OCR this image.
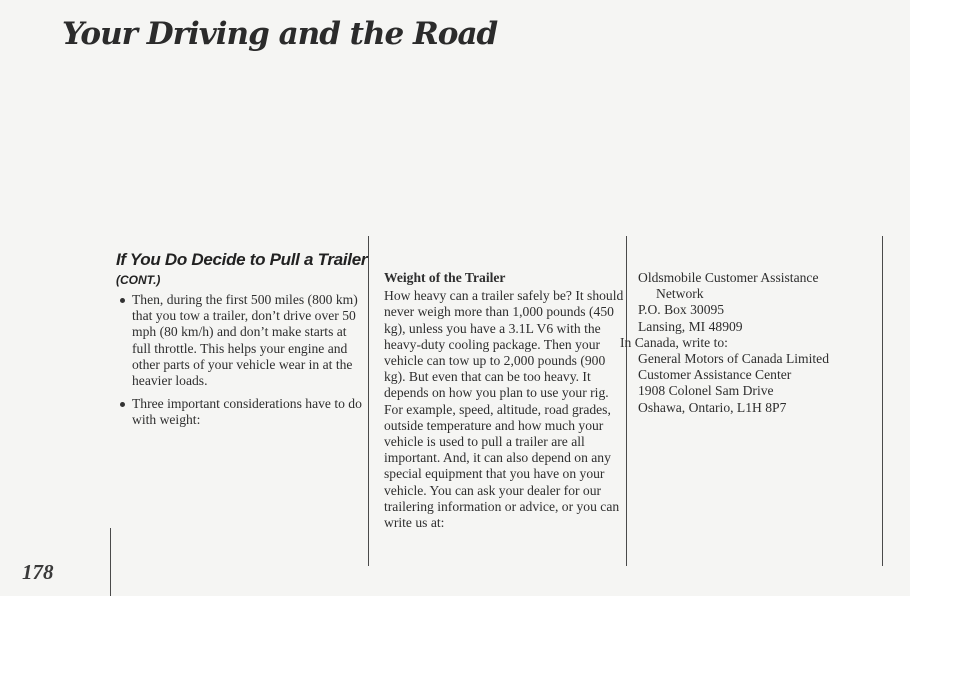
Your Driving and the Road
178
If You Do Decide to Pull a Trailer
(CONT.)

Then, during the first 500 miles (800 km) that you tow a trailer, don’t drive over 50 mph (80 km/h) and don’t make starts at full throttle. This helps your engine and other parts of your vehicle wear in at the heavier loads.

Three important considerations have to do with weight:

Weight of the Trailer

How heavy can a trailer safely be? It should never weigh more than 1,000 pounds (450 kg), unless you have a 3.1L V6 with the heavy-duty cooling package. Then your vehicle can tow up to 2,000 pounds (900 kg). But even that can be too heavy. It depends on how you plan to use your rig. For example, speed, altitude, road grades, outside temperature and how much your vehicle is used to pull a trailer are all important. And, it can also depend on any special equipment that you have on your vehicle. You can ask your dealer for our trailering information or advice, or you can write us at:

Oldsmobile Customer Assistance
Network
P.O. Box 30095
Lansing, MI 48909
In Canada, write to:
General Motors of Canada Limited
Customer Assistance Center
1908 Colonel Sam Drive
Oshawa, Ontario, L1H 8P7
